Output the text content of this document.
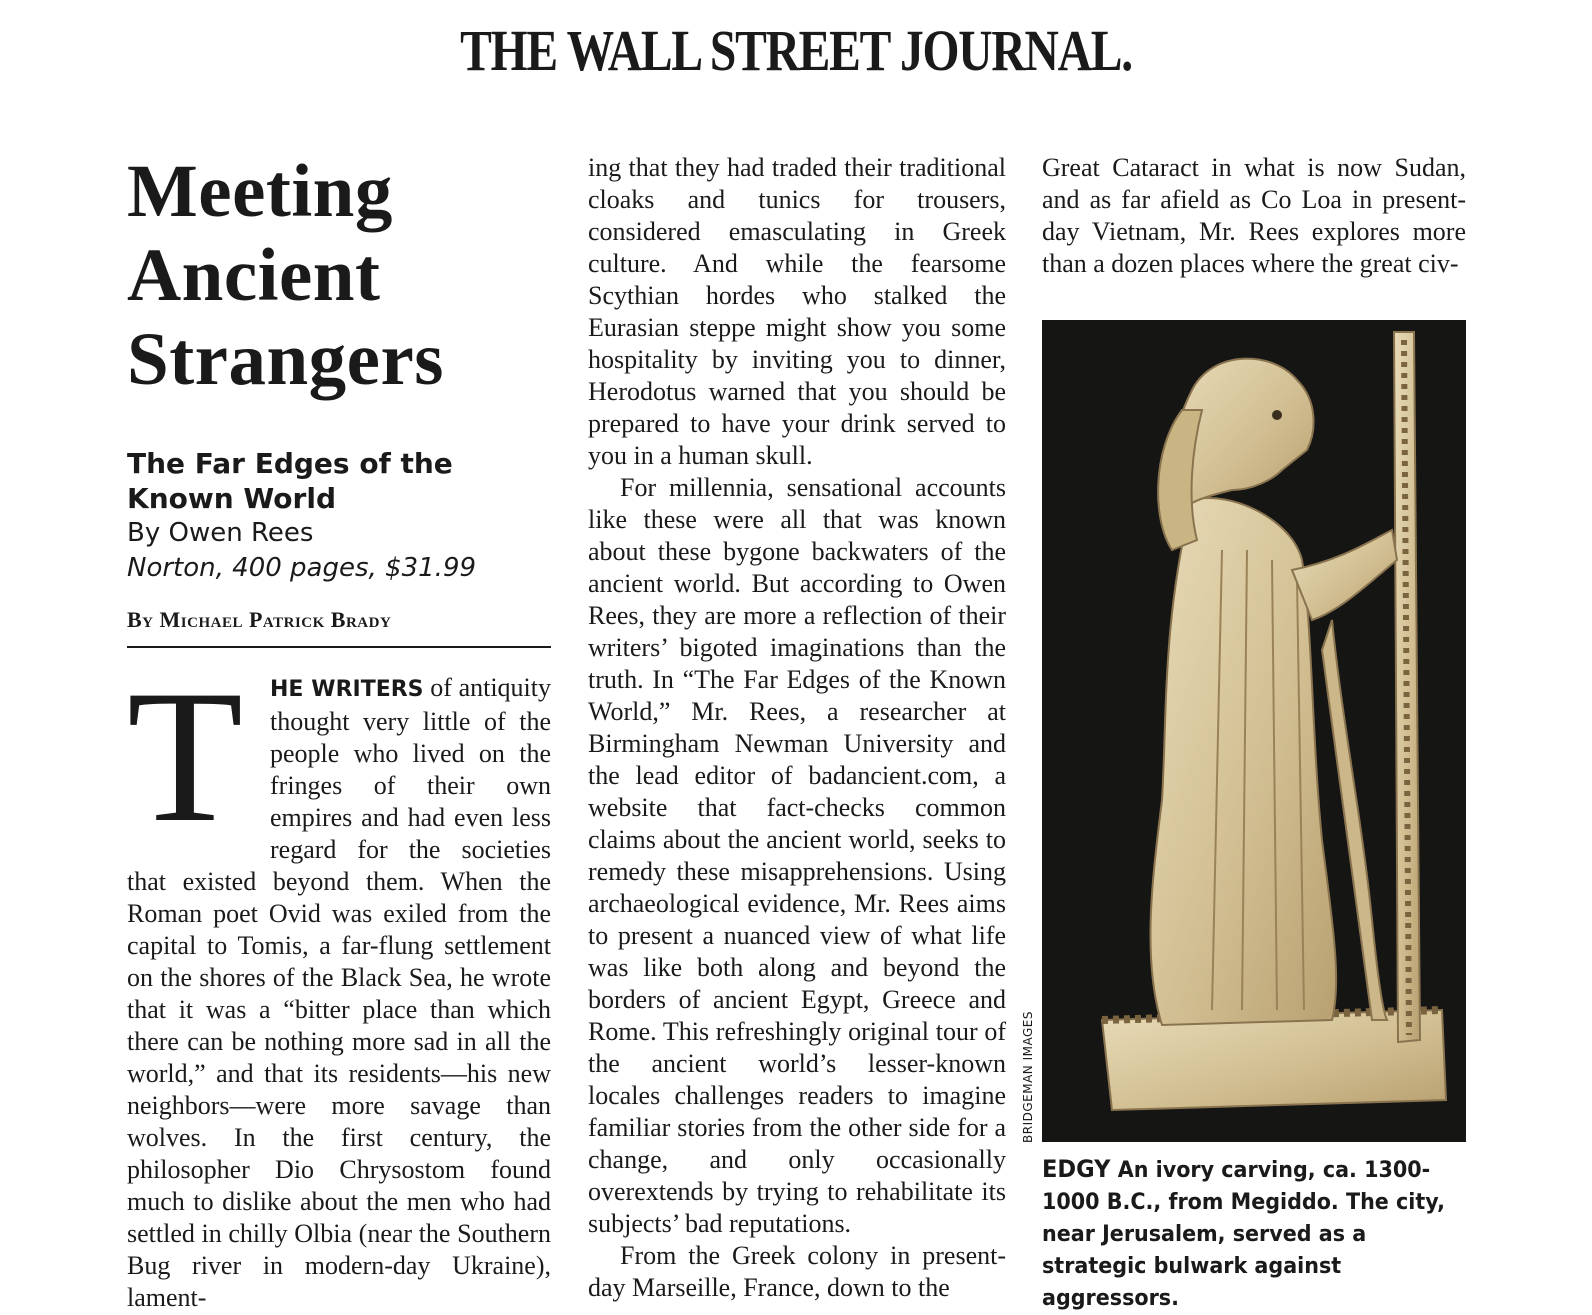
THE WALL STREET JOURNAL.
Meeting
Ancient
Strangers
The Far Edges of the
Known World
By Owen Rees
Norton, 400 pages, $31.99
By Michael Patrick Brady
T	HE WRITERS of antiquity thought very little of the people who lived on the fringes of their own empires and had even less regard for the societies that existed beyond them. When the Roman poet Ovid was exiled from the capital to Tomis, a far-flung settlement on the shores of the Black Sea, he wrote that it was a “bitter place than which there can be nothing more sad in all the world,” and that its residents—his new neighbors—were more savage than wolves. In the first century, the philosopher Dio Chrysostom found much to dislike about the men who had settled in chilly Olbia (near the Southern Bug river in modern-day Ukraine), lament-

ing that they had traded their traditional cloaks and tunics for trousers, considered emasculating in Greek culture. And while the fearsome Scythian hordes who stalked the Eurasian steppe might show you some hospitality by inviting you to dinner, Herodotus warned that you should be prepared to have your drink served to you in a human skull.

For millennia, sensational accounts like these were all that was known about these bygone backwaters of the ancient world. But according to Owen Rees, they are more a reflection of their writers’ bigoted imaginations than the truth. In “The Far Edges of the Known World,” Mr. Rees, a researcher at Birmingham Newman University and the lead editor of badancient.com, a website that fact-checks common claims about the ancient world, seeks to remedy these misapprehensions. Using archaeological evidence, Mr. Rees aims to present a nuanced view of what life was like both along and beyond the borders of ancient Egypt, Greece and Rome. This refreshingly original tour of the ancient world’s lesser-known locales challenges readers to imagine familiar stories from the other side for a change, and only occasionally overextends by trying to rehabilitate its subjects’ bad reputations.

From the Greek colony in present-day Marseille, France, down to the

Great Cataract in what is now Sudan, and as far afield as Co Loa in present-day Vietnam, Mr. Rees explores more than a dozen places where the great civ-

BRIDGEMAN IMAGES
EDGY An ivory carving, ca. 1300-1000 B.C., from Megiddo. The city, near Jerusalem, served as a strategic bulwark against aggressors.
